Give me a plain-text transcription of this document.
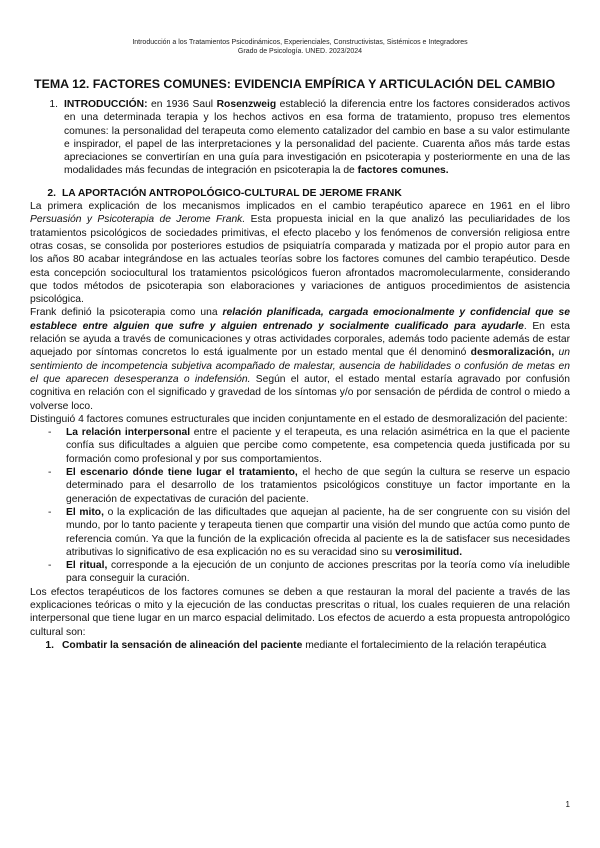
Introducción a los Tratamientos Psicodinámicos, Experienciales, Constructivistas, Sistémicos e Integradores
Grado de Psicología. UNED. 2023/2024
TEMA 12. FACTORES COMUNES: EVIDENCIA EMPÍRICA Y ARTICULACIÓN DEL CAMBIO
1. INTRODUCCIÓN: en 1936 Saul Rosenzweig estableció la diferencia entre los factores considerados activos en una determinada terapia y los hechos activos en esa forma de tratamiento, propuso tres elementos comunes: la personalidad del terapeuta como elemento catalizador del cambio en base a su valor estimulante e inspirador, el papel de las interpretaciones y la personalidad del paciente. Cuarenta años más tarde estas apreciaciones se convertirían en una guía para investigación en psicoterapia y posteriormente en una de las modalidades más fecundas de integración en psicoterapia la de factores comunes.
2. LA APORTACIÓN ANTROPOLÓGICO-CULTURAL DE JEROME FRANK

La primera explicación de los mecanismos implicados en el cambio terapéutico aparece en 1961 en el libro Persuasión y Psicoterapia de Jerome Frank. Esta propuesta inicial en la que analizó las peculiaridades de los tratamientos psicológicos de sociedades primitivas, el efecto placebo y los fenómenos de conversión religiosa entre otras cosas, se consolida por posteriores estudios de psiquiatría comparada y matizada por el propio autor para en los años 80 acabar integrándose en las actuales teorías sobre los factores comunes del cambio terapéutico. Desde esta concepción sociocultural los tratamientos psicológicos fueron afrontados macromolecularmente, considerando que todos métodos de psicoterapia son elaboraciones y variaciones de antiguos procedimientos de asistencia psicológica.

Frank definió la psicoterapia como una relación planificada, cargada emocionalmente y confidencial que se establece entre alguien que sufre y alguien entrenado y socialmente cualificado para ayudarle. En esta relación se ayuda a través de comunicaciones y otras actividades corporales, además todo paciente además de estar aquejado por síntomas concretos lo está igualmente por un estado mental que él denominó desmoralización, un sentimiento de incompetencia subjetiva acompañado de malestar, ausencia de habilidades o confusión de metas en el que aparecen desesperanza o indefensión. Según el autor, el estado mental estaría agravado por confusión cognitiva en relación con el significado y gravedad de los síntomas y/o por sensación de pérdida de control o miedo a volverse loco.

Distinguió 4 factores comunes estructurales que inciden conjuntamente en el estado de desmoralización del paciente:

-	La relación interpersonal entre el paciente y el terapeuta, es una relación asimétrica en la que el paciente confía sus dificultades a alguien que percibe como competente, esa competencia queda justificada por su formación como profesional y por sus comportamientos.
-	El escenario dónde tiene lugar el tratamiento, el hecho de que según la cultura se reserve un espacio determinado para el desarrollo de los tratamientos psicológicos constituye un factor importante en la generación de expectativas de curación del paciente.
-	El mito, o la explicación de las dificultades que aquejan al paciente, ha de ser congruente con su visión del mundo, por lo tanto paciente y terapeuta tienen que compartir una visión del mundo que actúa como punto de referencia común. Ya que la función de la explicación ofrecida al paciente es la de satisfacer sus necesidades atributivas lo significativo de esa explicación no es su veracidad sino su verosimilitud.
-	El ritual, corresponde a la ejecución de un conjunto de acciones prescritas por la teoría como vía ineludible para conseguir la curación.

Los efectos terapéuticos de los factores comunes se deben a que restauran la moral del paciente a través de las explicaciones teóricas o mito y la ejecución de las conductas prescritas o ritual, los cuales requieren de una relación interpersonal que tiene lugar en un marco espacial delimitado. Los efectos de acuerdo a esta propuesta antropológico cultural son:

1. Combatir la sensación de alineación del paciente mediante el fortalecimiento de la relación terapéutica
1
